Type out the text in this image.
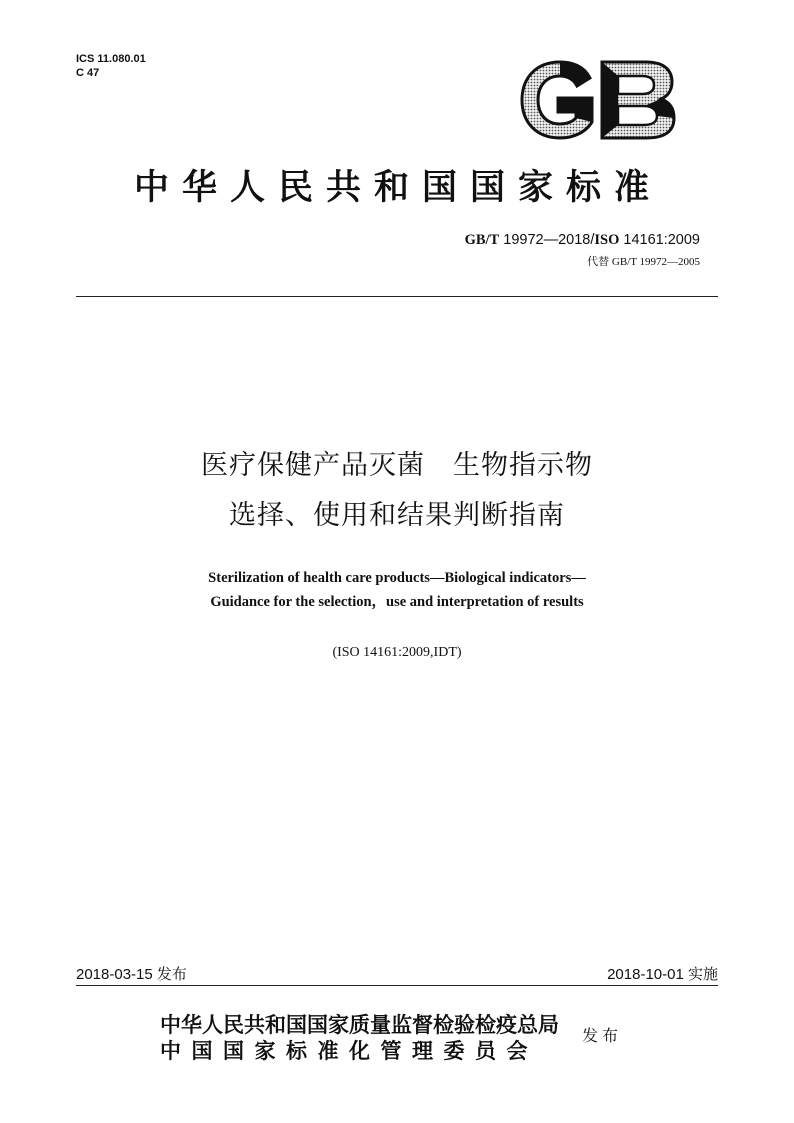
ICS 11.080.01
C 47
中华人民共和国国家标准
GB/T 19972—2018/ISO 14161:2009
代替 GB/T 19972—2005
医疗保健产品灭菌　生物指示物
选择、使用和结果判断指南
Sterilization of health care products—Biological indicators—
Guidance for the selection，use and interpretation of results
(ISO 14161:2009,IDT)
2018-03-15 发布	2018-10-01 实施
中华人民共和国国家质量监督检验检疫总局
中国国家标准化管理委员会
发布
